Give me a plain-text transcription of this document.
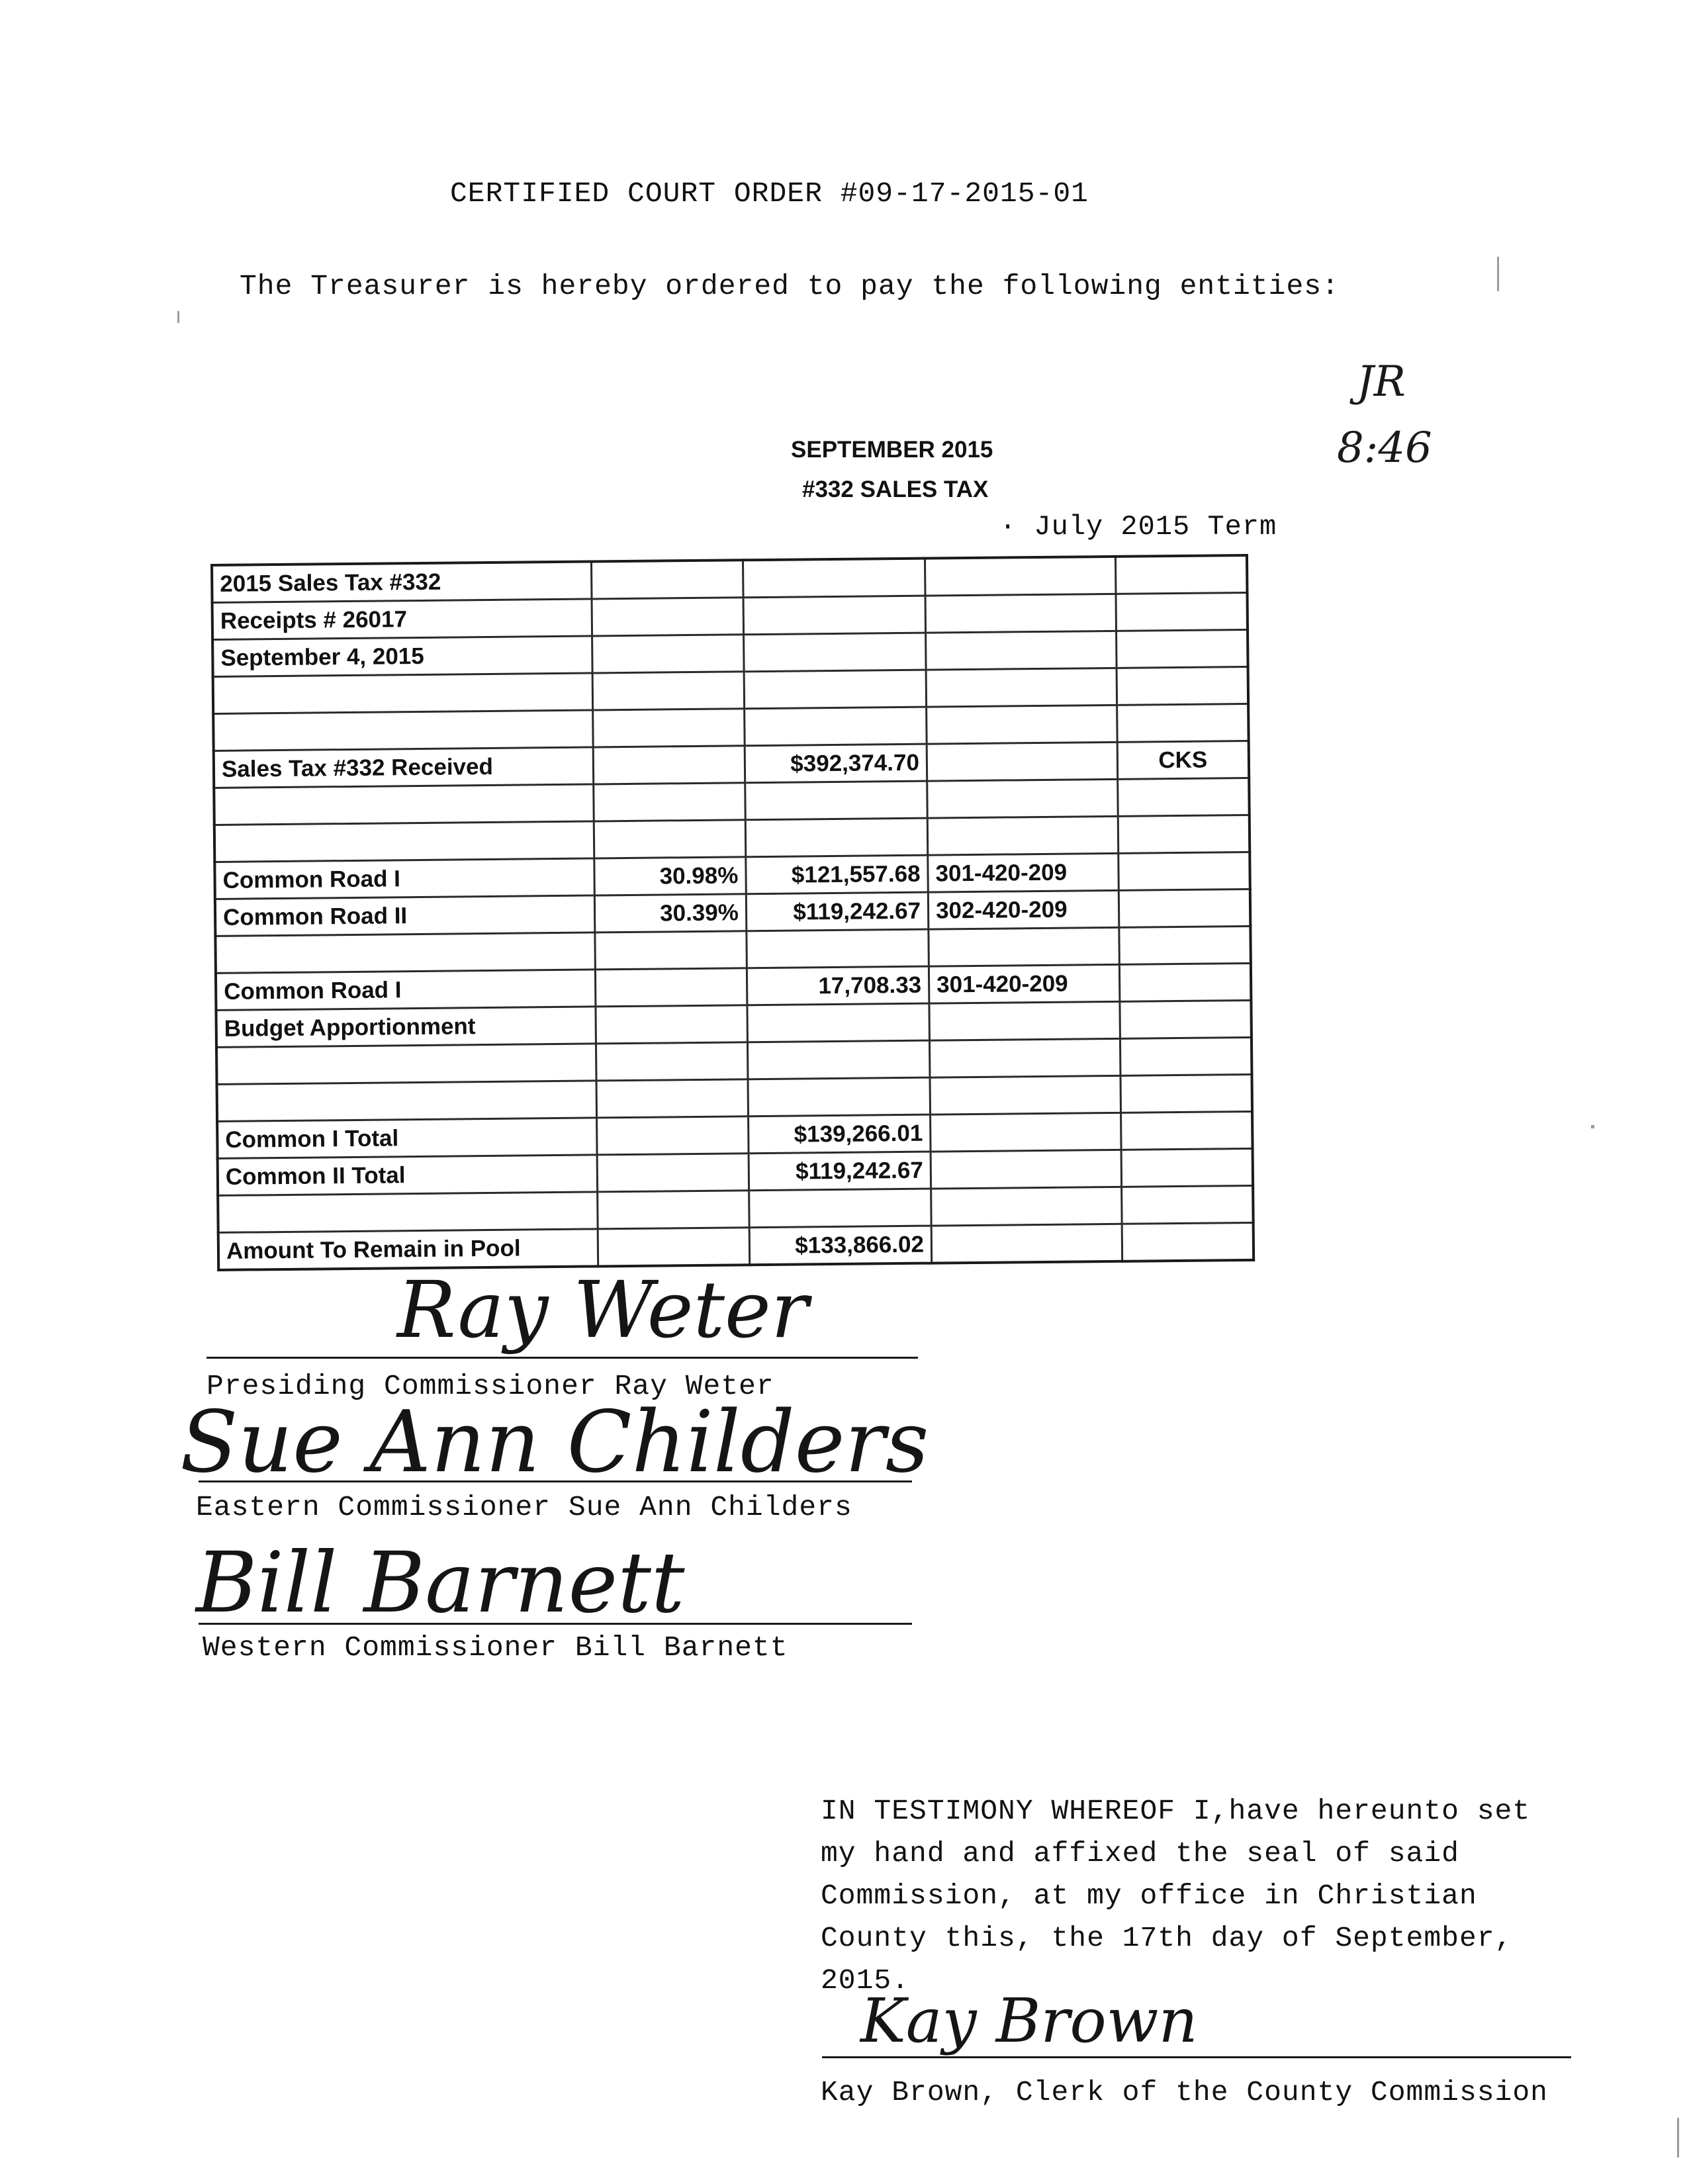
CERTIFIED COURT ORDER #09-17-2015-01
The Treasurer is hereby ordered to pay the following entities:
JR
8:46
SEPTEMBER 2015
#332 SALES TAX
· July 2015 Term
2015 Sales Tax #332				
Receipts # 26017				
September 4, 2015				

Sales Tax #332 Received		$392,374.70		CKS

Common Road I	30.98%	$121,557.68	301-420-209	
Common Road II	30.39%	$119,242.67	302-420-209	

Common Road I		17,708.33	301-420-209	
Budget Apportionment				

Common I Total		$139,266.01		
Common II Total		$119,242.67		

Amount To Remain in Pool		$133,866.02		
Ray Weter
Presiding Commissioner Ray Weter
Sue Ann Childers
Eastern Commissioner Sue Ann Childers
Bill Barnett
Western Commissioner Bill Barnett
IN TESTIMONY WHEREOF I,have hereunto set
my hand and affixed the seal of said
Commission, at my office in Christian
County this, the 17th day of September,
2015.
Kay Brown
Kay Brown, Clerk of the County Commission
